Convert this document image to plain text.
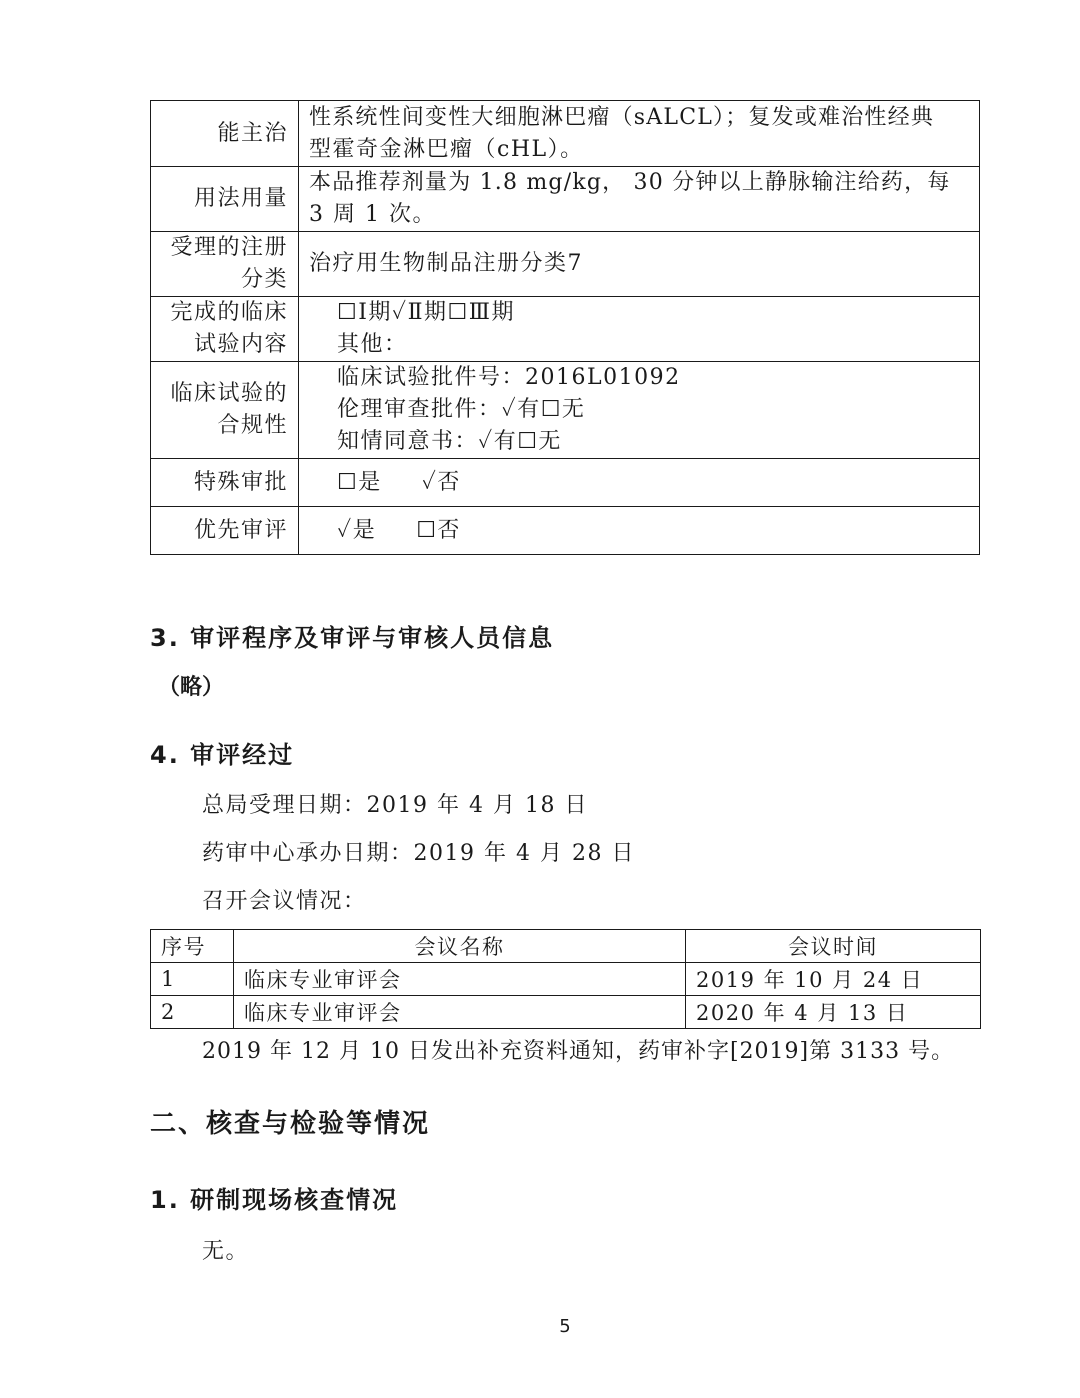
能主治	性系统性间变性大细胞淋巴瘤（sALCL）；复发或难治性经典
型霍奇金淋巴瘤（cHL）。

用法用量	本品推荐剂量为 1.8 mg/kg， 30 分钟以上静脉输注给药，每
3 周 1 次。

受理的注册
分类	治疗用生物制品注册分类7

完成的临床
试验内容	☐Ⅰ期✓Ⅱ期☐Ⅲ期
其他：

临床试验的
合规性	临床试验批件号：2016L01092
伦理审查批件：✓有☐无
知情同意书：✓有☐无

特殊审批	☐是 ✓否
优先审评	✓是 ☐否
3. 审评程序及审评与审核人员信息
（略）
4. 审评经过
总局受理日期：2019 年 4 月 18 日
药审中心承办日期：2019 年 4 月 28 日
召开会议情况：
序号	会议名称	会议时间
1	临床专业审评会	2019 年 10 月 24 日
2	临床专业审评会	2020 年 4 月 13 日
2019 年 12 月 10 日发出补充资料通知，药审补字[2019]第 3133 号。
二、核查与检验等情况
1. 研制现场核查情况
无。
5
